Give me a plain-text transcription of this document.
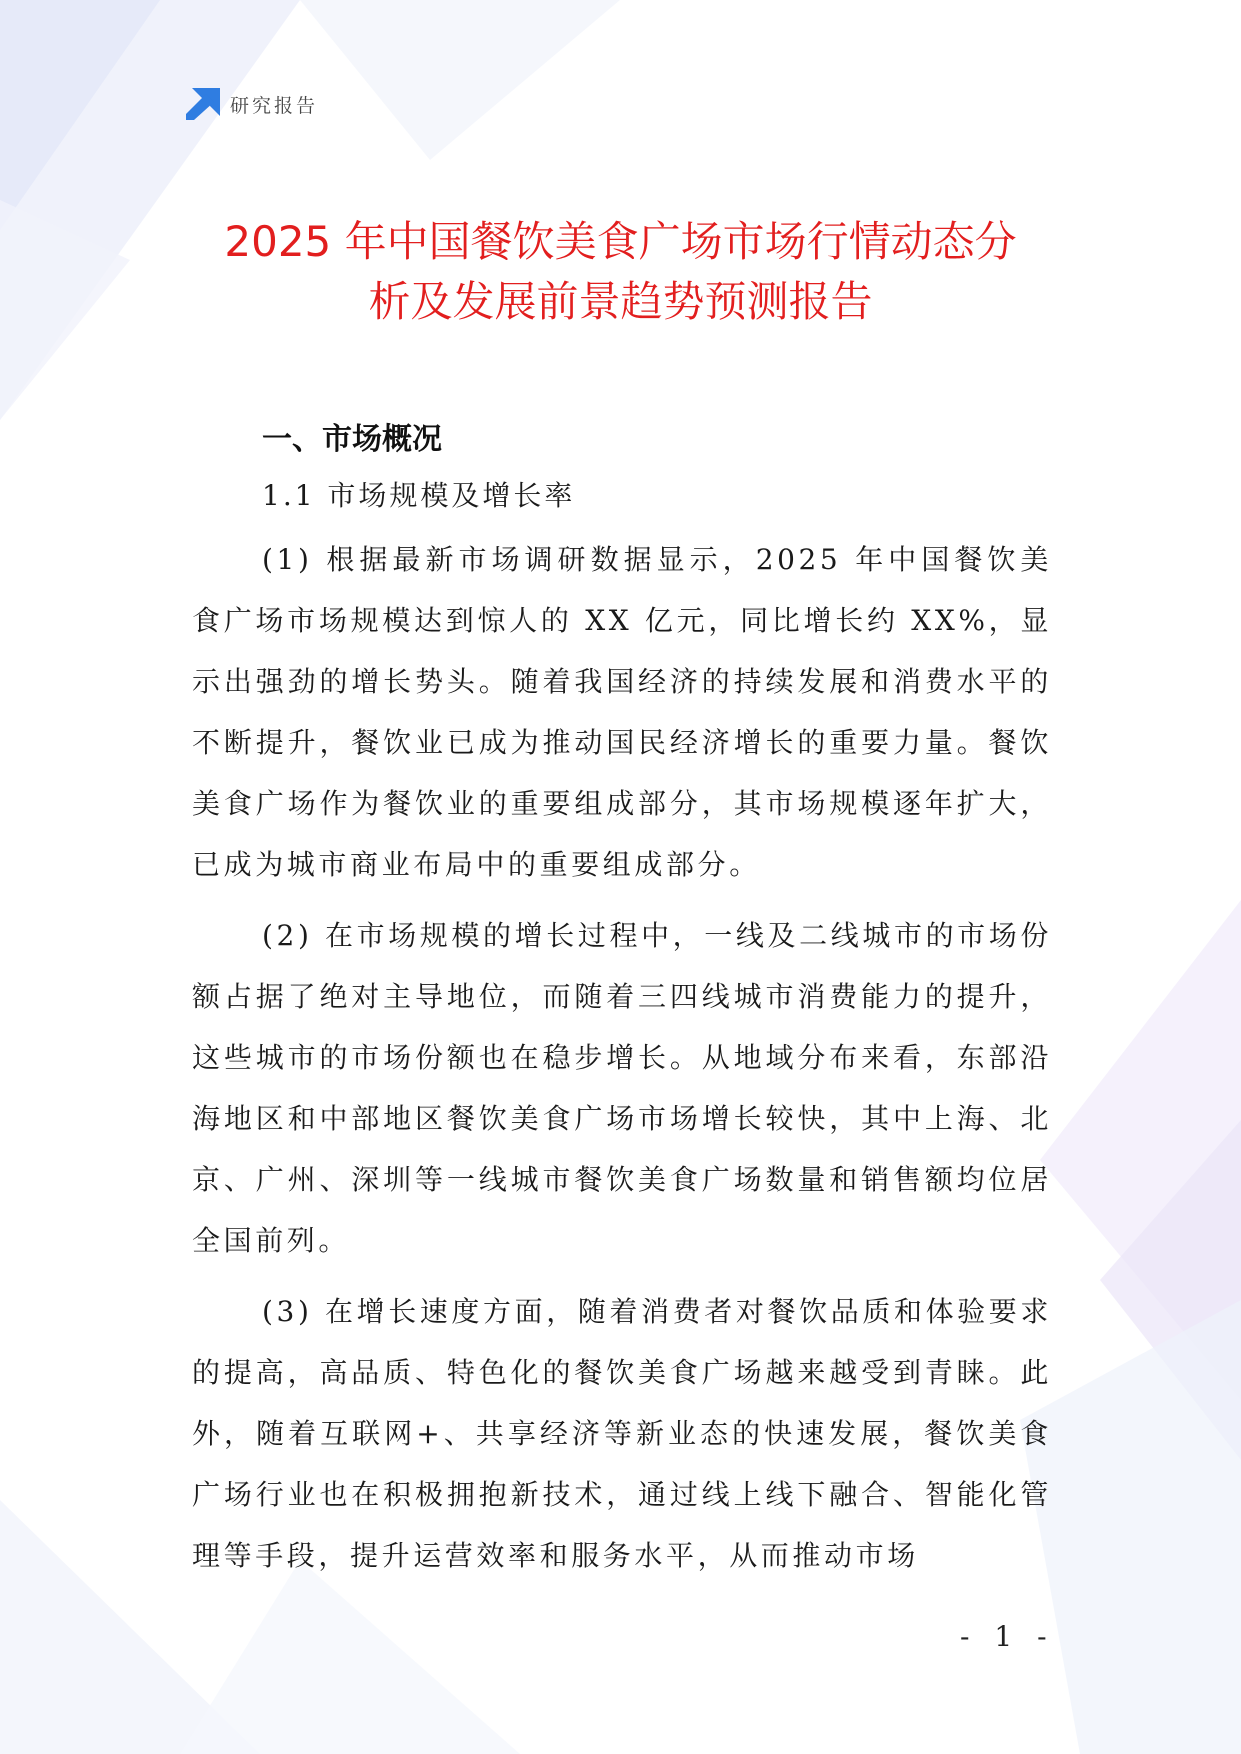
研究报告
2025 年中国餐饮美食广场市场行情动态分
析及发展前景趋势预测报告

一、市场概况

1.1 市场规模及增长率

(1) 根据最新市场调研数据显示，2025 年中国餐饮美食广场市场规模达到惊人的 XX 亿元，同比增长约 XX%，显示出强劲的增长势头。随着我国经济的持续发展和消费水平的不断提升，餐饮业已成为推动国民经济增长的重要力量。餐饮美食广场作为餐饮业的重要组成部分，其市场规模逐年扩大，已成为城市商业布局中的重要组成部分。

(2) 在市场规模的增长过程中，一线及二线城市的市场份额占据了绝对主导地位，而随着三四线城市消费能力的提升，这些城市的市场份额也在稳步增长。从地域分布来看，东部沿海地区和中部地区餐饮美食广场市场增长较快，其中上海、北京、广州、深圳等一线城市餐饮美食广场数量和销售额均位居全国前列。

(3) 在增长速度方面，随着消费者对餐饮品质和体验要求的提高，高品质、特色化的餐饮美食广场越来越受到青睐。此外，随着互联网+、共享经济等新业态的快速发展，餐饮美食广场行业也在积极拥抱新技术，通过线上线下融合、智能化管理等手段，提升运营效率和服务水平，从而推动市场

- 1 -
